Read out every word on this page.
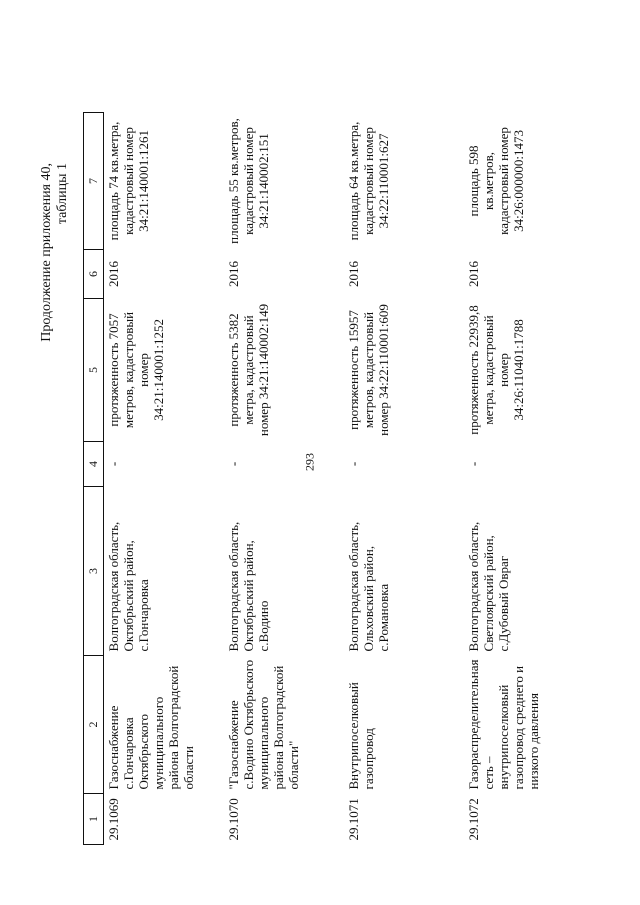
293
Продолжение приложения 40, таблицы 1
1	2	3	4	5	6	7
29.1069	Газоснабжение с.Гончаровка Октябрьского муниципального района Волгоградской области	Волгоградская область, Октябрьский район, с.Гончаровка	-	протяженность 7057 метров, кадастровый номер 34:21:140001:1252	2016	площадь 74 кв.метра, кадастровый номер 34:21:140001:1261
29.1070	"Газоснабжение с.Водино Октябрьского муниципального района Волгоградской области"	Волгоградская область, Октябрьский район, с.Водино	-	протяженность 5382 метра, кадастровый номер 34:21:140002:149	2016	площадь 55 кв.метров, кадастровый номер 34:21:140002:151
29.1071	Внутрипоселковый газопровод	Волгоградская область, Ольховский район, с.Романовка	-	протяженность 15957 метров, кадастровый номер 34:22:110001:609	2016	площадь 64 кв.метра, кадастровый номер 34:22:110001:627
29.1072	Газораспределительная сеть – внутрипоселковый газопровод среднего и низкого давления	Волгоградская область, Светлоярский район, с.Дубовый Овраг	-	протяженность 22939,8 метра, кадастровый номер 34:26:110401:1788	2016	площадь 598 кв.метров, кадастровый номер 34:26:000000:1473
